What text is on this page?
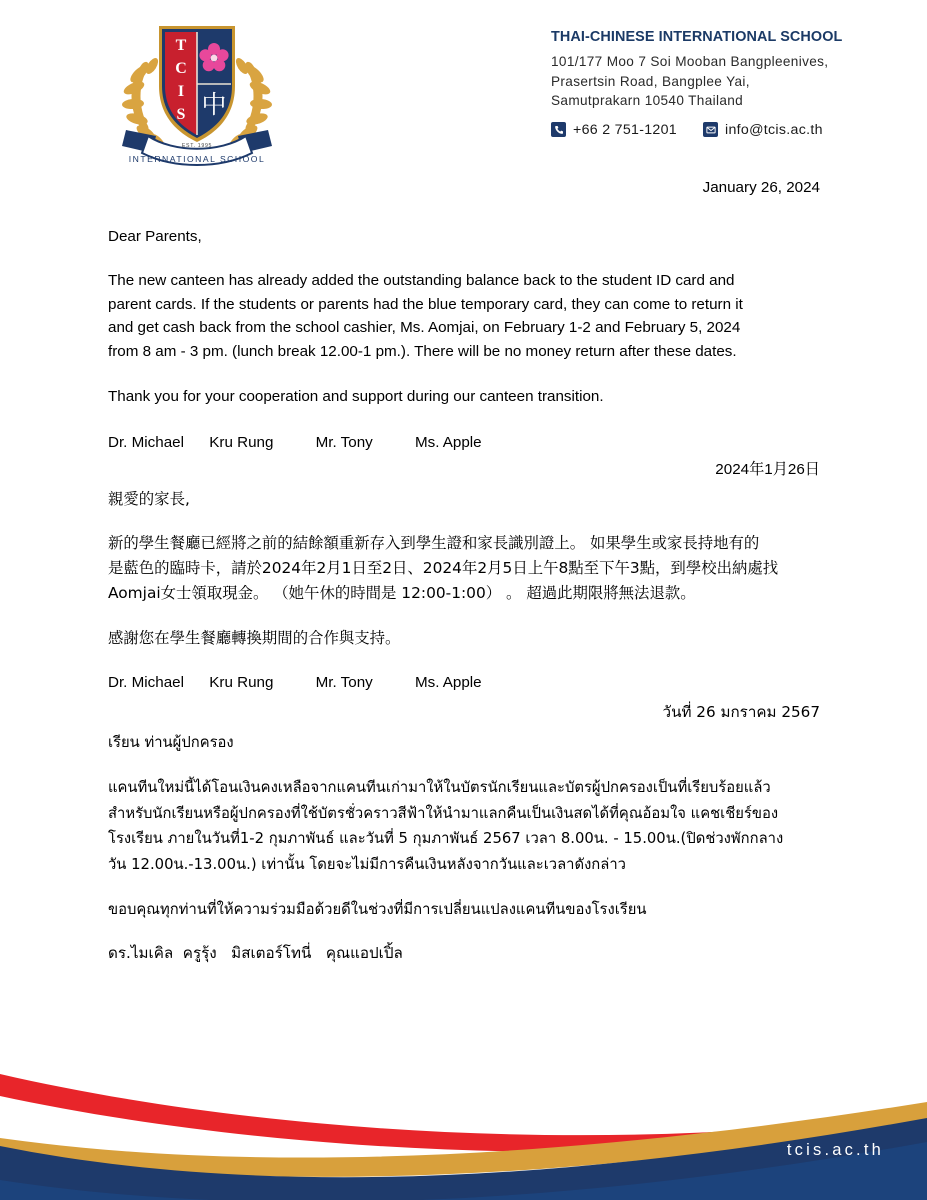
T
C
I
S 中
EST. 1995
INTERNATIONAL SCHOOL
THAI-CHINESE INTERNATIONAL SCHOOL
101/177 Moo 7 Soi Mooban Bangpleenives,
Prasertsin Road, Bangplee Yai,
Samutprakarn 10540 Thailand
+66 2 751-1201	info@tcis.ac.th
January 26, 2024
Dear Parents,
The new canteen has already added the outstanding balance back to the student ID card and
parent cards. If the students or parents had the blue temporary card, they can come to return it
and get cash back from the school cashier, Ms. Aomjai, on February 1-2 and February 5, 2024
from 8 am - 3 pm. (lunch break 12.00-1 pm.). There will be no money return after these dates.
Thank you for your cooperation and support during our canteen transition.
Dr. Michael      Kru Rung          Mr. Tony          Ms. Apple
2024年1月26日
親愛的家長,
新的學生餐廳已經將之前的結餘額重新存入到學生證和家長識別證上。 如果學生或家長持地有的
是藍色的臨時卡，請於2024年2月1日至2日、2024年2月5日上午8點至下午3點，到學校出納處找
Aomjai女士領取現金。 （她午休的時間是 12:00-1:00） 。 超過此期限將無法退款。
感謝您在學生餐廳轉換期間的合作與支持。
Dr. Michael      Kru Rung          Mr. Tony          Ms. Apple
วันที่ 26 มกราคม 2567
เรียน ท่านผู้ปกครอง
แคนทีนใหม่นี้ได้โอนเงินคงเหลือจากแคนทีนเก่ามาให้ในบัตรนักเรียนและบัตรผู้ปกครองเป็นที่เรียบร้อยแล้ว
สำหรับนักเรียนหรือผู้ปกครองที่ใช้บัตรชั่วคราวสีฟ้าให้นำมาแลกคืนเป็นเงินสดได้ที่คุณอ้อมใจ แคชเชียร์ของ
โรงเรียน ภายในวันที่1-2 กุมภาพันธ์ และวันที่ 5 กุมภาพันธ์ 2567 เวลา 8.00น. - 15.00น.(ปิดช่วงพักกลาง
วัน 12.00น.-13.00น.) เท่านั้น โดยจะไม่มีการคืนเงินหลังจากวันและเวลาดังกล่าว
ขอบคุณทุกท่านที่ให้ความร่วมมือด้วยดีในช่วงที่มีการเปลี่ยนแปลงแคนทีนของโรงเรียน
ดร.ไมเคิล  ครูรุ้ง   มิสเตอร์โทนี่   คุณแอปเปิ้ล
tcis.ac.th
